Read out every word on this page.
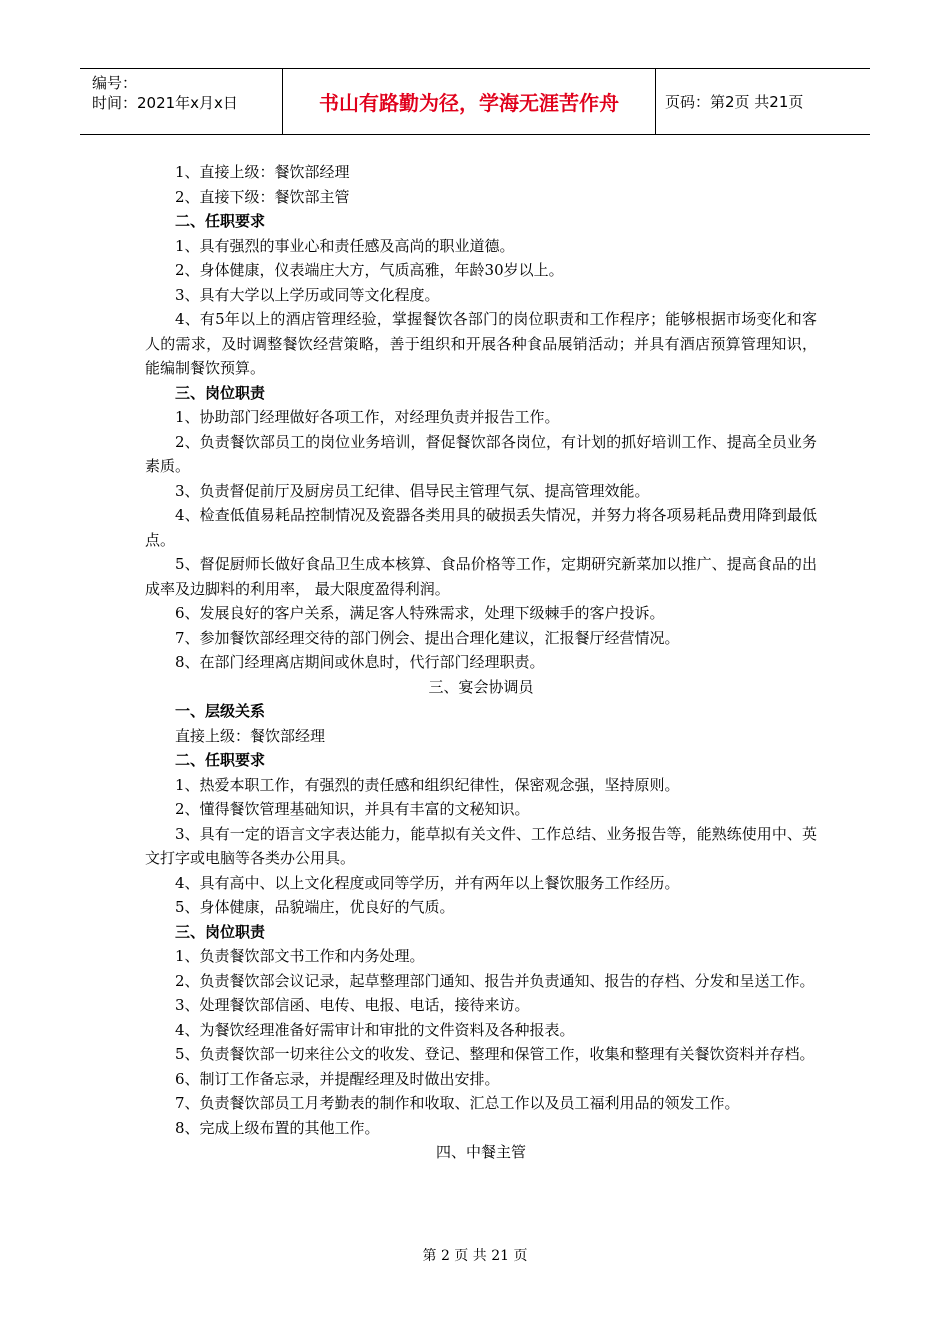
编号：
时间：2021年x月x日	书山有路勤为径，学海无涯苦作舟	页码：第2页 共21页

1、直接上级：餐饮部经理

2、直接下级：餐饮部主管

二、任职要求

1、具有强烈的事业心和责任感及高尚的职业道德。

2、身体健康，仪表端庄大方，气质高雅，年龄30岁以上。

3、具有大学以上学历或同等文化程度。

4、有5年以上的酒店管理经验，掌握餐饮各部门的岗位职责和工作程序；能够根据市场变化和客人的需求，及时调整餐饮经营策略，善于组织和开展各种食品展销活动；并具有酒店预算管理知识，能编制餐饮预算。

三、岗位职责

1、协助部门经理做好各项工作，对经理负责并报告工作。

2、负责餐饮部员工的岗位业务培训，督促餐饮部各岗位，有计划的抓好培训工作、提高全员业务素质。

3、负责督促前厅及厨房员工纪律、倡导民主管理气氛、提高管理效能。

4、检查低值易耗品控制情况及瓷器各类用具的破损丢失情况，并努力将各项易耗品费用降到最低点。

5、督促厨师长做好食品卫生成本核算、食品价格等工作，定期研究新菜加以推广、提高食品的出成率及边脚料的利用率， 最大限度盈得利润。

6、发展良好的客户关系，满足客人特殊需求，处理下级棘手的客户投诉。

7、参加餐饮部经理交待的部门例会、提出合理化建议，汇报餐厅经营情况。

8、在部门经理离店期间或休息时，代行部门经理职责。

三、宴会协调员

一、层级关系

直接上级：餐饮部经理

二、任职要求

1、热爱本职工作，有强烈的责任感和组织纪律性，保密观念强，坚持原则。

2、懂得餐饮管理基础知识，并具有丰富的文秘知识。

3、具有一定的语言文字表达能力，能草拟有关文件、工作总结、业务报告等，能熟练使用中、英文打字或电脑等各类办公用具。

4、具有高中、以上文化程度或同等学历，并有两年以上餐饮服务工作经历。

5、身体健康，品貌端庄，优良好的气质。

三、岗位职责

1、负责餐饮部文书工作和内务处理。

2、负责餐饮部会议记录，起草整理部门通知、报告并负责通知、报告的存档、分发和呈送工作。

3、处理餐饮部信函、电传、电报、电话，接待来访。

4、为餐饮经理准备好需审计和审批的文件资料及各种报表。

5、负责餐饮部一切来往公文的收发、登记、整理和保管工作，收集和整理有关餐饮资料并存档。

6、制订工作备忘录，并提醒经理及时做出安排。

7、负责餐饮部员工月考勤表的制作和收取、汇总工作以及员工福利用品的领发工作。

8、完成上级布置的其他工作。

四、中餐主管

第 2 页 共 21 页
